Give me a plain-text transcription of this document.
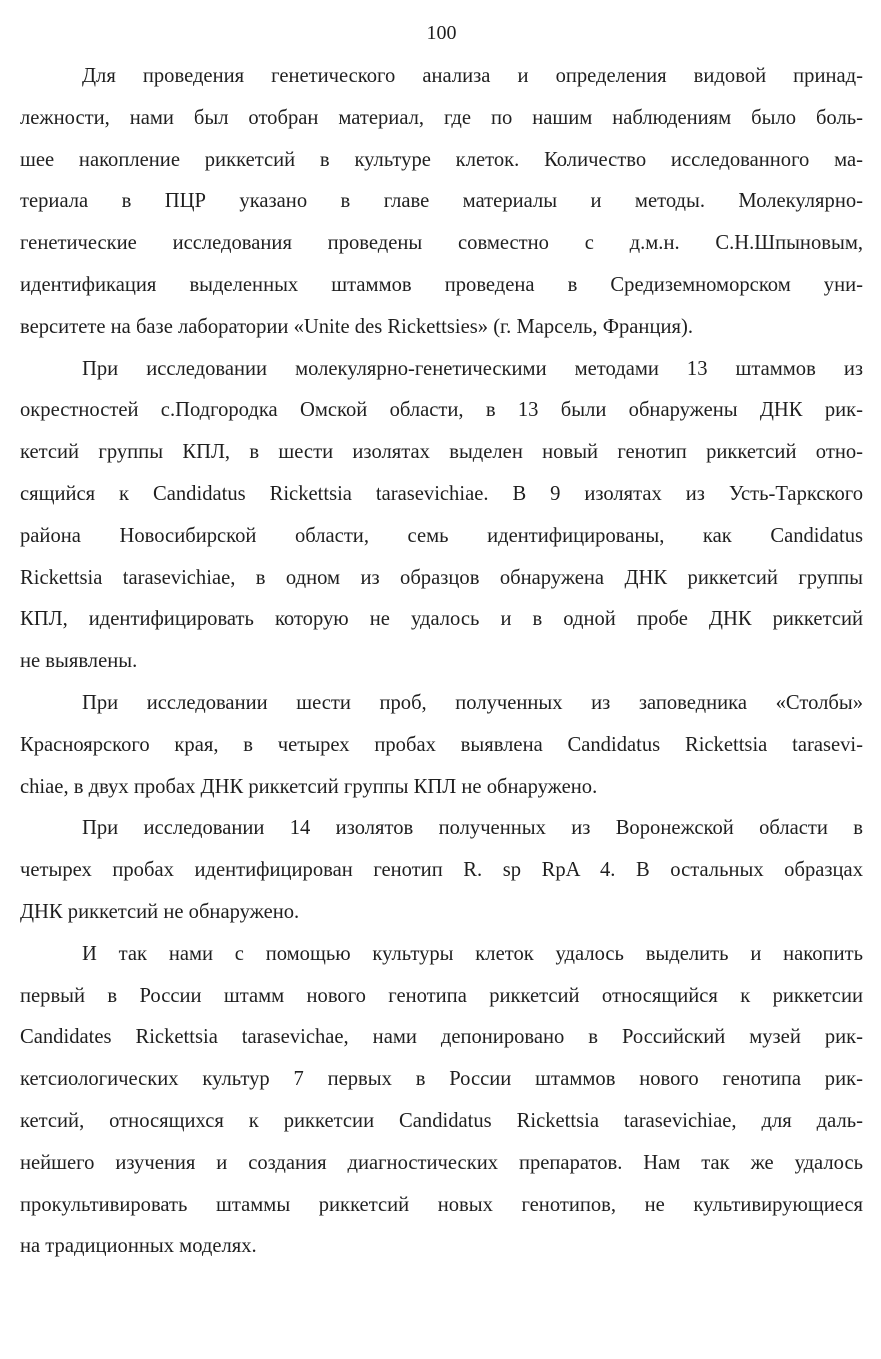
100
Для проведения генетического анализа и определения видовой принад-
лежности, нами был отобран материал, где по нашим наблюдениям было боль-
шее накопление риккетсий в культуре клеток. Количество исследованного ма-
териала в ПЦР указано в главе материалы и методы. Молекулярно-
генетические исследования проведены совместно с д.м.н. С.Н.Шпыновым,
идентификация выделенных штаммов проведена в Средиземноморском уни-
верситете на базе лаборатории «Unite des Rickettsies» (г. Марсель, Франция).
При исследовании молекулярно-генетическими методами 13 штаммов из
окрестностей с.Подгородка Омской области, в 13 были обнаружены ДНК рик-
кетсий группы КПЛ, в шести изолятах выделен новый генотип риккетсий отно-
сящийся к Candidatus Rickettsia tarasevichiae. В 9 изолятах из Усть-Таркского
района Новосибирской области, семь идентифицированы, как Candidatus
Rickettsia tarasevichiae, в одном из образцов обнаружена ДНК риккетсий группы
КПЛ, идентифицировать которую не удалось и в одной пробе ДНК риккетсий
не выявлены.
При исследовании шести проб, полученных из заповедника «Столбы»
Красноярского края, в четырех пробах выявлена Candidatus Rickettsia tarasevi-
chiae, в двух пробах ДНК риккетсий группы КПЛ не обнаружено.
При исследовании 14 изолятов полученных из Воронежской области в
четырех пробах идентифицирован генотип R. sp RpA 4. В остальных образцах
ДНК риккетсий не обнаружено.
И так нами с помощью культуры клеток удалось выделить и накопить
первый в России штамм нового генотипа риккетсий относящийся к риккетсии
Candidates Rickettsia tarasevichae, нами депонировано в Российский музей рик-
кетсиологических культур 7 первых в России штаммов нового генотипа рик-
кетсий, относящихся к риккетсии Candidatus Rickettsia tarasevichiae, для даль-
нейшего изучения и создания диагностических препаратов. Нам так же удалось
прокультивировать штаммы риккетсий новых генотипов, не культивирующиеся
на традиционных моделях.
